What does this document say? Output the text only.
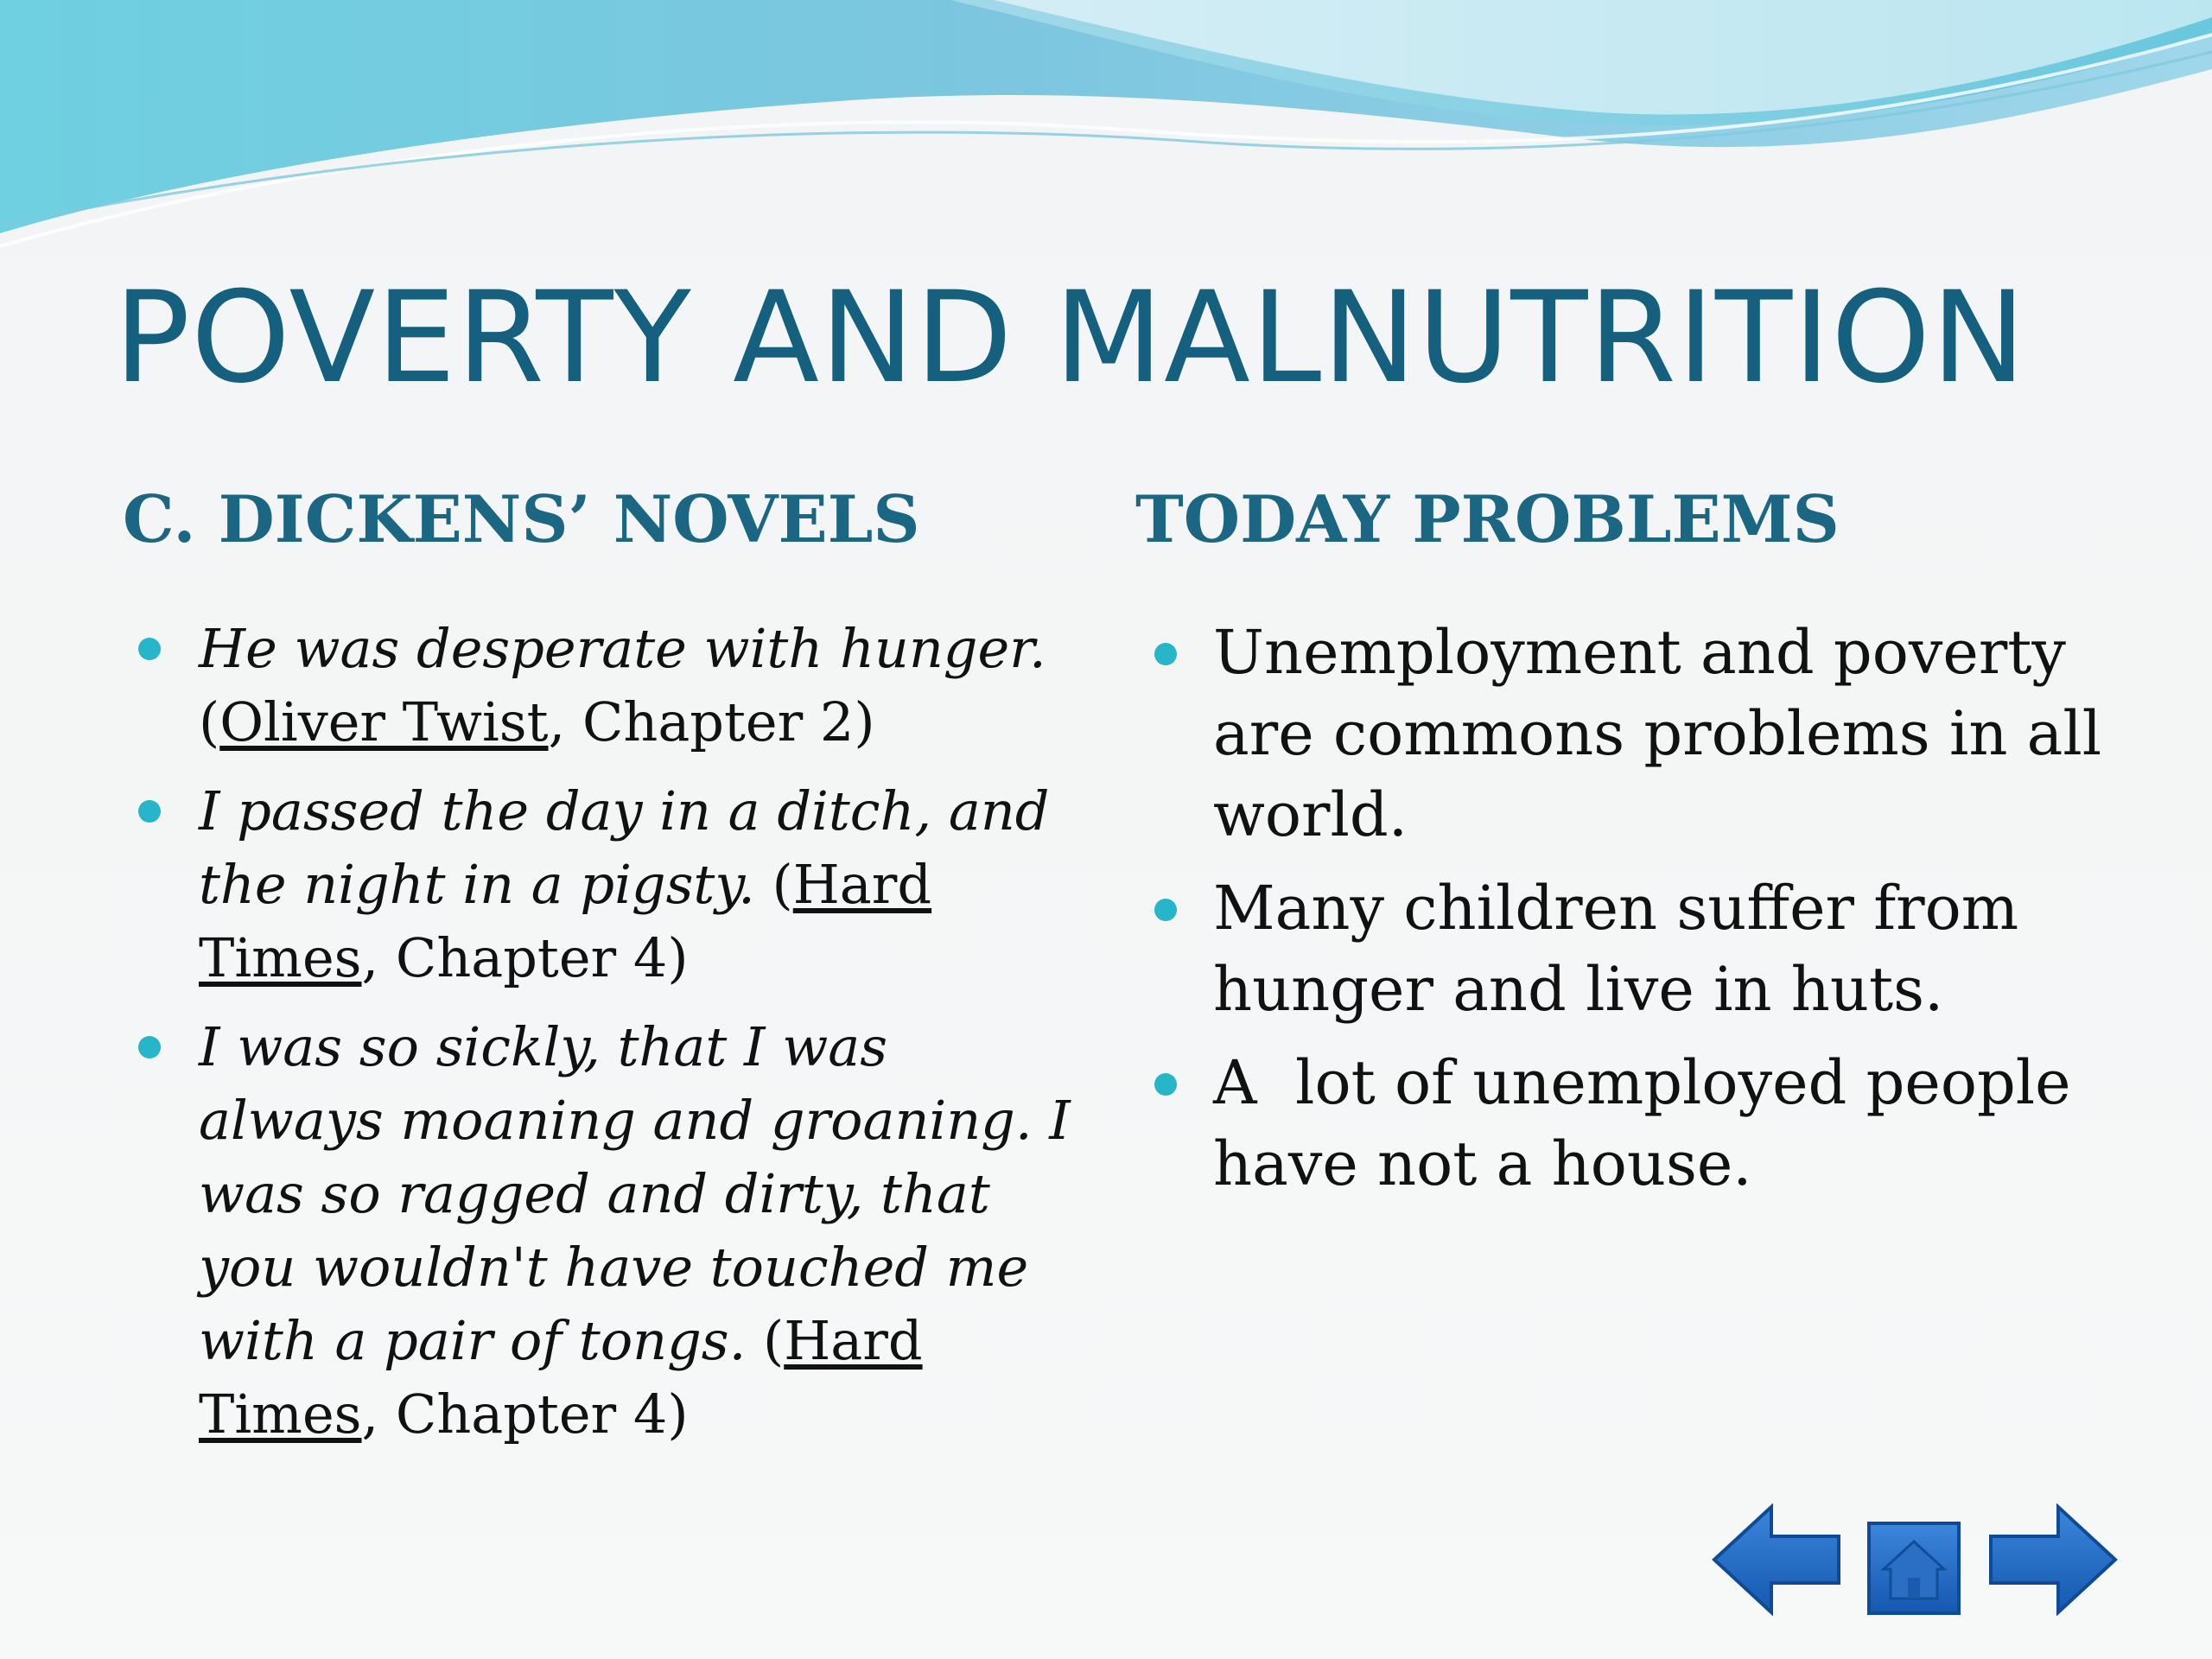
POVERTY AND MALNUTRITION
C. DICKENS’ NOVELS	TODAY PROBLEMS
He was desperate with hunger. (Oliver Twist, Chapter 2)
I passed the day in a ditch, and the night in a pigsty. (Hard Times, Chapter 4)
I was so sickly, that I was always moaning and groaning. I was so ragged and dirty, that you wouldn't have touched me with a pair of tongs. (Hard Times, Chapter 4)
Unemployment and poverty are commons problems in all world.
Many children suffer from hunger and live in huts.
A  lot of unemployed people have not a house.
